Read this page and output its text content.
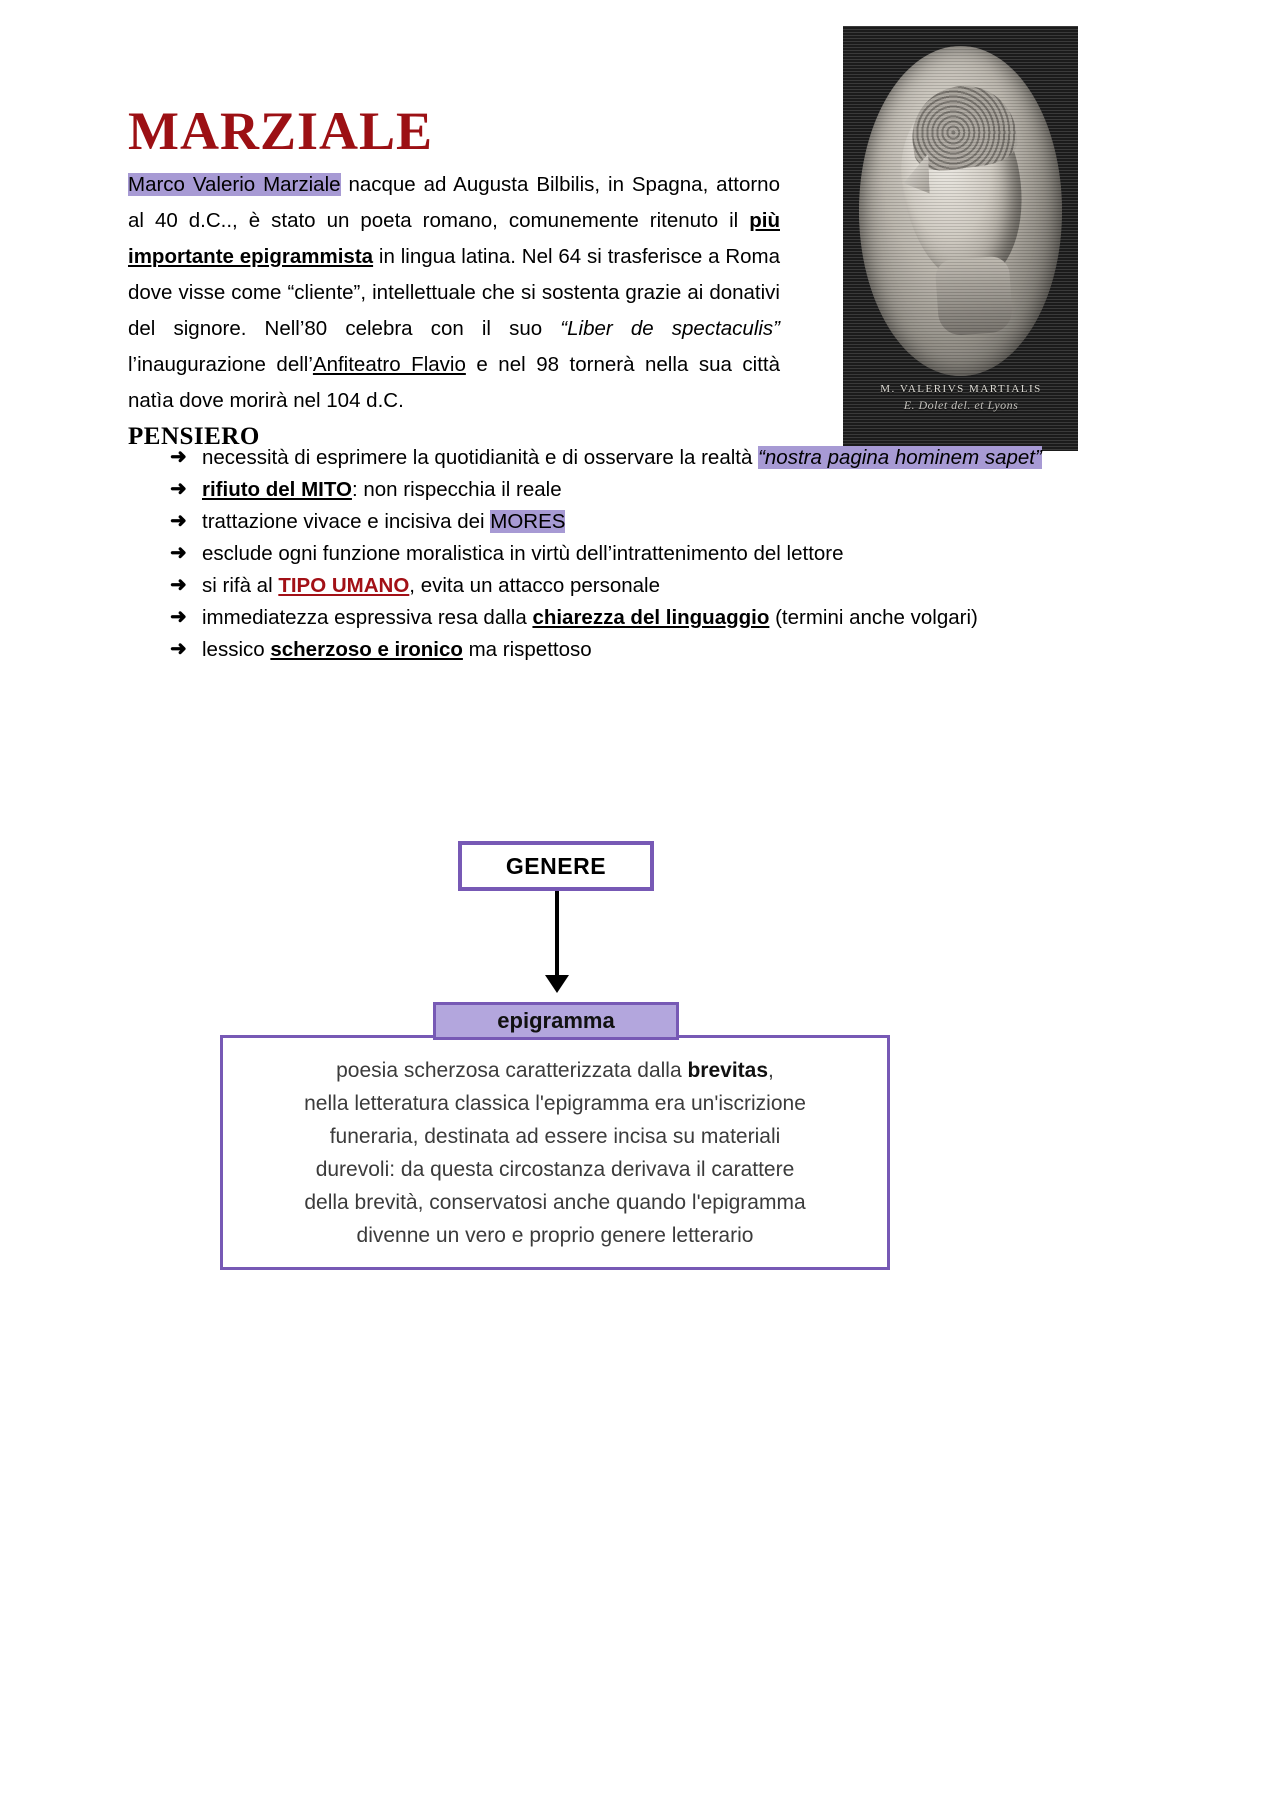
MARZIALE
M. VALERIVS MARTIALIS
E. Dolet del. et Lyons

Marco Valerio Marziale nacque ad Augusta Bilbilis, in Spagna, attorno al 40 d.C.., è stato un poeta romano, comunemente ritenuto il più importante epigrammista in lingua latina. Nel 64 si trasferisce a Roma dove visse come “cliente”, intellettuale che si sostenta grazie ai donativi del signore. Nell’80 celebra con il suo “Liber de spectaculis” l’inaugurazione dell’Anfiteatro Flavio e nel 98 tornerà nella sua città natìa dove morirà nel 104 d.C.

PENSIERO
➜ necessità di esprimere la quotidianità e di osservare la realtà “nostra pagina hominem sapet”
➜ rifiuto del MITO: non rispecchia il reale
➜ trattazione vivace e incisiva dei MORES
➜ esclude ogni funzione moralistica in virtù dell’intrattenimento del lettore
➜ si rifà al TIPO UMANO, evita un attacco personale
➜ immediatezza espressiva resa dalla chiarezza del linguaggio (termini anche volgari)
➜ lessico scherzoso e ironico ma rispettoso
GENERE
poesia scherzosa caratterizzata dalla brevitas,
nella letteratura classica l'epigramma era un'iscrizione
funeraria, destinata ad essere incisa su materiali
durevoli: da questa circostanza derivava il carattere
della brevità, conservatosi anche quando l'epigramma
divenne un vero e proprio genere letterario
epigramma
